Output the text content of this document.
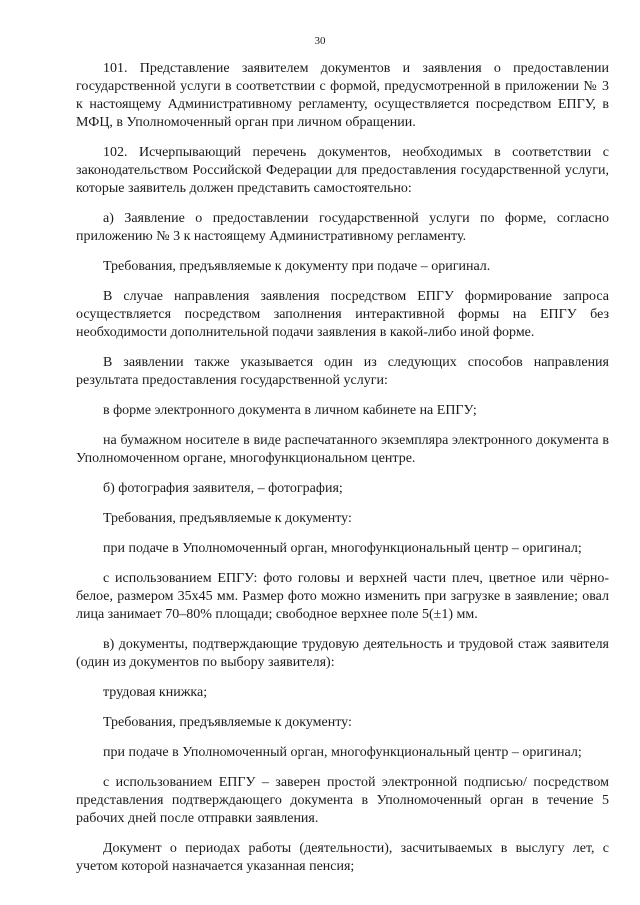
30

101. Представление заявителем документов и заявления о предоставлении государственной услуги в соответствии с формой, предусмотренной в приложении № 3 к настоящему Административному регламенту, осуществляется посредством ЕПГУ, в МФЦ, в Уполномоченный орган при личном обращении.

102. Исчерпывающий перечень документов, необходимых в соответствии с законодательством Российской Федерации для предоставления государственной услуги, которые заявитель должен представить самостоятельно:

а) Заявление о предоставлении государственной услуги по форме, согласно приложению № 3 к настоящему Административному регламенту.

Требования, предъявляемые к документу при подаче – оригинал.

В случае направления заявления посредством ЕПГУ формирование запроса осуществляется посредством заполнения интерактивной формы на ЕПГУ без необходимости дополнительной подачи заявления в какой-либо иной форме.

В заявлении также указывается один из следующих способов направления результата предоставления государственной услуги:

в форме электронного документа в личном кабинете на ЕПГУ;

на бумажном носителе в виде распечатанного экземпляра электронного документа в Уполномоченном органе, многофункциональном центре.

б) фотография заявителя, – фотография;

Требования, предъявляемые к документу:

при подаче в Уполномоченный орган, многофункциональный центр – оригинал;

с использованием ЕПГУ: фото головы и верхней части плеч, цветное или чёрно-белое, размером 35x45 мм. Размер фото можно изменить при загрузке в заявление; овал лица занимает 70–80% площади; свободное верхнее поле 5(±1) мм.

в) документы, подтверждающие трудовую деятельность и трудовой стаж заявителя (один из документов по выбору заявителя):

трудовая книжка;

Требования, предъявляемые к документу:

при подаче в Уполномоченный орган, многофункциональный центр – оригинал;

с использованием ЕПГУ – заверен простой электронной подписью/ посредством представления подтверждающего документа в Уполномоченный орган в течение 5 рабочих дней после отправки заявления.

Документ о периодах работы (деятельности), засчитываемых в выслугу лет, с учетом которой назначается указанная пенсия;
